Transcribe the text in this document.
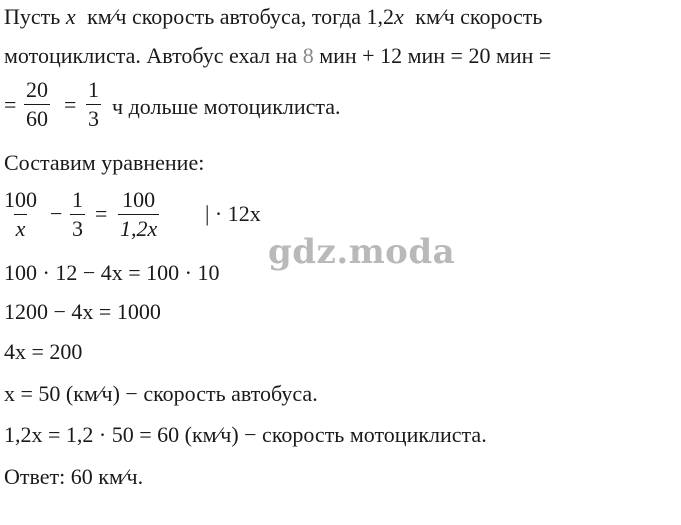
Пусть x км⁄ч скорость автобуса, тогда 1,2x км⁄ч скорость
мотоциклиста. Автобус ехал на 8 мин + 12 мин = 20 мин =
= $\frac{20}{60} = \frac{1}{3}$ ч дольше мотоциклиста.
Составим уравнение:
$\frac{100}{x} - \frac{1}{3} = \frac{100}{1,2x}$ | · 12x
gdz.moda
100 · 12 − 4x = 100 · 10
1200 − 4x = 1000
4x = 200
x = 50 (км⁄ч) − скорость автобуса.
1,2x = 1,2 · 50 = 60 (км⁄ч) − скорость мотоциклиста.
Ответ: 60 км⁄ч.
